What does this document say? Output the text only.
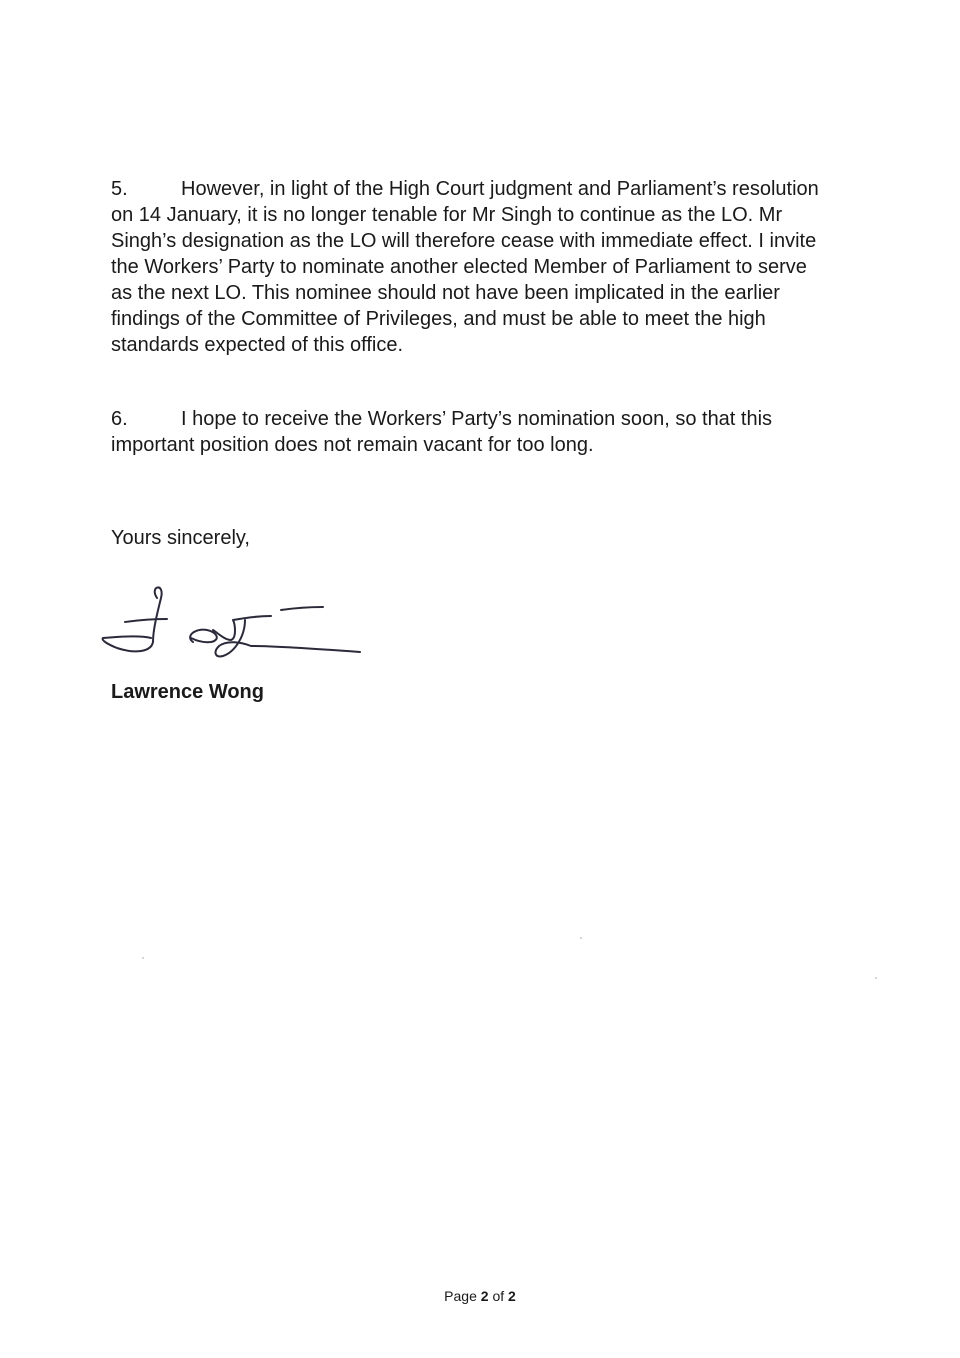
5.	However, in light of the High Court judgment and Parliament’s resolution on 14 January, it is no longer tenable for Mr Singh to continue as the LO. Mr Singh’s designation as the LO will therefore cease with immediate effect. I invite the Workers’ Party to nominate another elected Member of Parliament to serve as the next LO. This nominee should not have been implicated in the earlier findings of the Committee of Privileges, and must be able to meet the high standards expected of this office.

6.	I hope to receive the Workers’ Party’s nomination soon, so that this important position does not remain vacant for too long.

Yours sincerely,

Lawrence Wong

Page 2 of 2
